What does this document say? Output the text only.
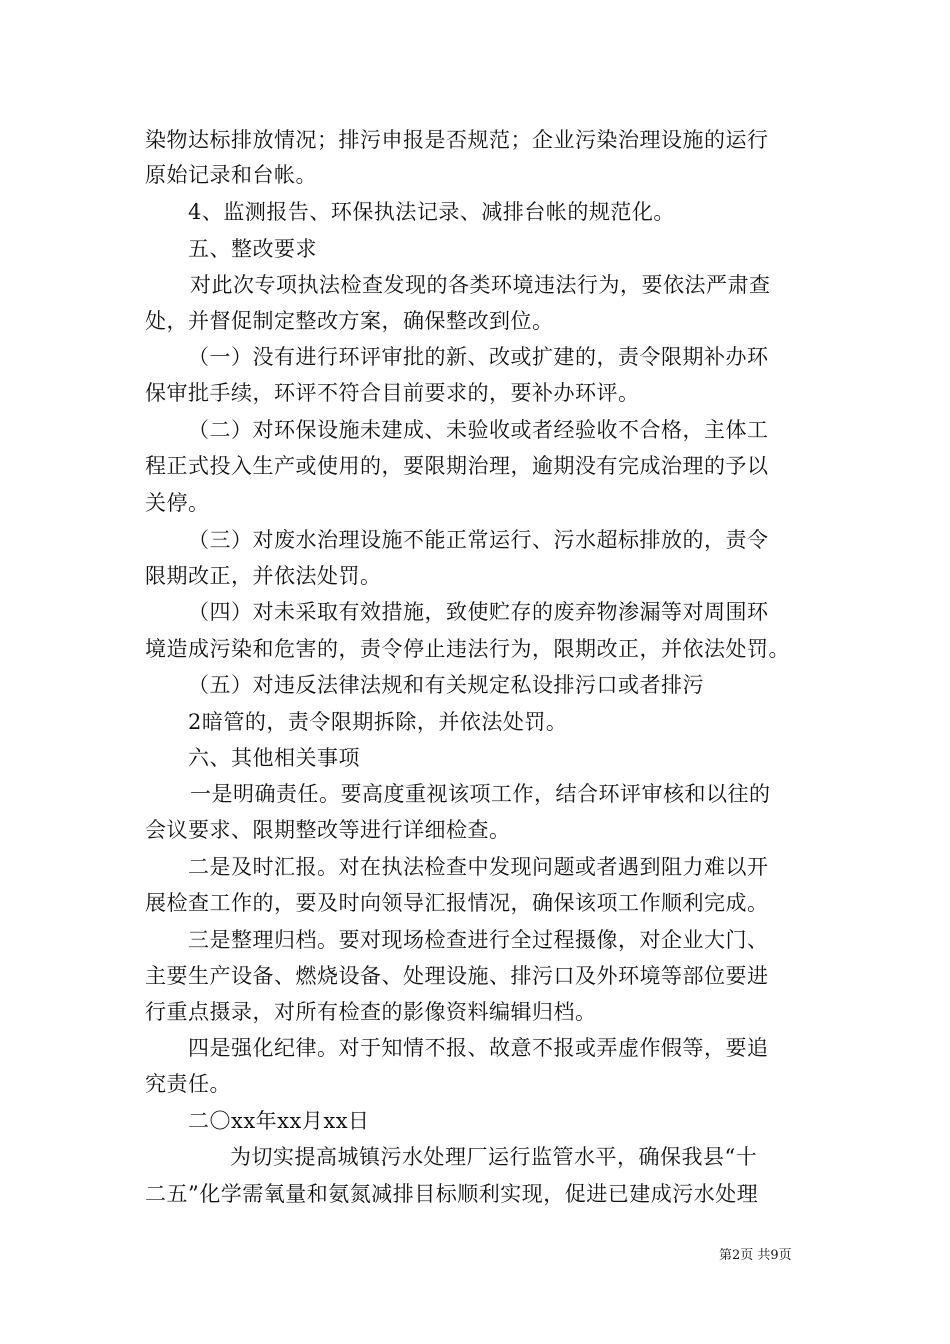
染物达标排放情况；排污申报是否规范；企业污染治理设施的运行
原始记录和台帐。
4、监测报告、环保执法记录、减排台帐的规范化。
五、整改要求
对此次专项执法检查发现的各类环境违法行为，要依法严肃查
处，并督促制定整改方案，确保整改到位。
（一）没有进行环评审批的新、改或扩建的，责令限期补办环
保审批手续，环评不符合目前要求的，要补办环评。
（二）对环保设施未建成、未验收或者经验收不合格，主体工
程正式投入生产或使用的，要限期治理，逾期没有完成治理的予以
关停。
（三）对废水治理设施不能正常运行、污水超标排放的，责令
限期改正，并依法处罚。
（四）对未采取有效措施，致使贮存的废弃物渗漏等对周围环
境造成污染和危害的，责令停止违法行为，限期改正，并依法处罚。
（五）对违反法律法规和有关规定私设排污口或者排污
2暗管的，责令限期拆除，并依法处罚。
六、其他相关事项
一是明确责任。要高度重视该项工作，结合环评审核和以往的
会议要求、限期整改等进行详细检查。
二是及时汇报。对在执法检查中发现问题或者遇到阻力难以开
展检查工作的，要及时向领导汇报情况，确保该项工作顺利完成。
三是整理归档。要对现场检查进行全过程摄像，对企业大门、
主要生产设备、燃烧设备、处理设施、排污口及外环境等部位要进
行重点摄录，对所有检查的影像资料编辑归档。
四是强化纪律。对于知情不报、故意不报或弄虚作假等，要追
究责任。
二〇xx年xx月xx日
为切实提高城镇污水处理厂运行监管水平，确保我县“十
二五”化学需氧量和氨氮减排目标顺利实现，促进已建成污水处理
第2页 共9页
